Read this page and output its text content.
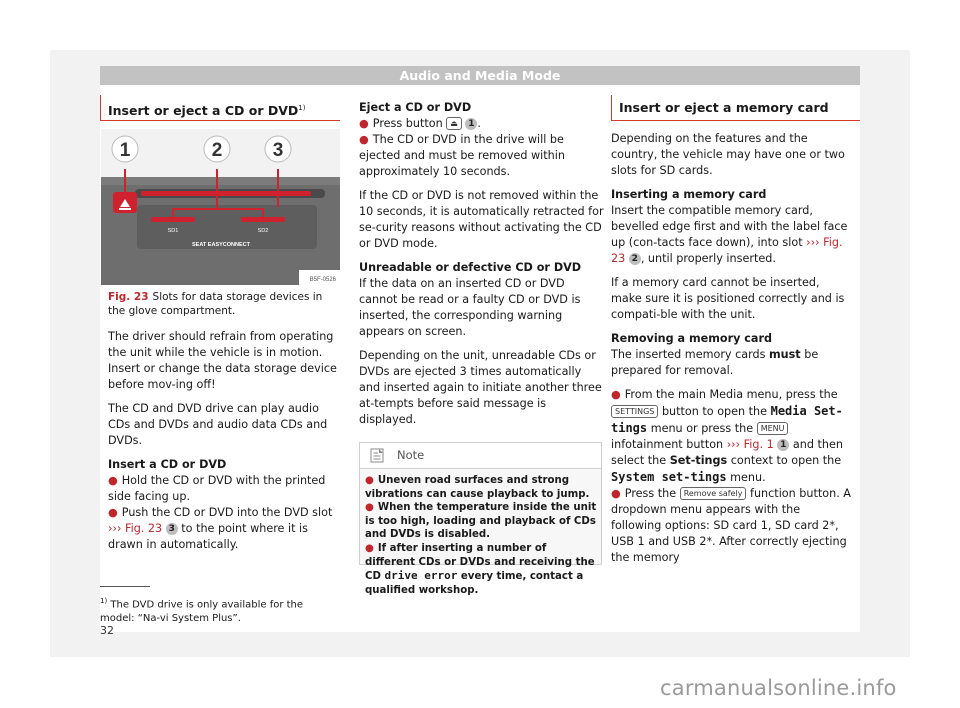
Audio and Media Mode
Insert or eject a CD or DVD$^{1)}$
SD1	SD2
SEAT EASYCONNECT
1	2	3
B5F-0526
Fig. 23 Slots for data storage devices in the glove compartment.

The driver should refrain from operating the unit while the vehicle is in motion. Insert or change the data storage device before mov-ing off!

The CD and DVD drive can play audio CDs and DVDs and audio data CDs and DVDs.

Insert a CD or DVD

● Hold the CD or DVD with the printed side facing up.

● Push the CD or DVD into the DVD slot ››› Fig. 23 3 to the point where it is drawn in automatically.

Eject a CD or DVD

● Press button ⏏ 1 .

● The CD or DVD in the drive will be ejected and must be removed within approximately 10 seconds.

If the CD or DVD is not removed within the 10 seconds, it is automatically retracted for se-curity reasons without activating the CD or DVD mode.

Unreadable or defective CD or DVD

If the data on an inserted CD or DVD cannot be read or a faulty CD or DVD is inserted, the corresponding warning appears on screen.

Depending on the unit, unreadable CDs or DVDs are ejected 3 times automatically and inserted again to initiate another three at-tempts before said message is displayed.

Note

● Uneven road surfaces and strong vibrations can cause playback to jump.

● When the temperature inside the unit is too high, loading and playback of CDs and DVDs is disabled.

● If after inserting a number of different CDs or DVDs and receiving the CD drive error every time, contact a qualified workshop.

Insert or eject a memory card

Depending on the features and the country, the vehicle may have one or two slots for SD cards.

Inserting a memory card

Insert the compatible memory card, bevelled edge first and with the label face up (con-tacts face down), into slot ››› Fig. 23 2 , until properly inserted.

If a memory card cannot be inserted, make sure it is positioned correctly and is compati-ble with the unit.

Removing a memory card

The inserted memory cards must be prepared for removal.

● From the main Media menu, press the SETTINGS button to open the Media Set-tings menu or press the MENU infotainment button ››› Fig. 1 1 and then select the Set-tings context to open the System set-tings menu.

● Press the Remove safely function button. A dropdown menu appears with the following options: SD card 1, SD card 2*, USB 1 and USB 2*. After correctly ejecting the memory

$^{1)}$ The DVD drive is only available for the model: “Na-vi System Plus”.
32
carmanualsonline.info
